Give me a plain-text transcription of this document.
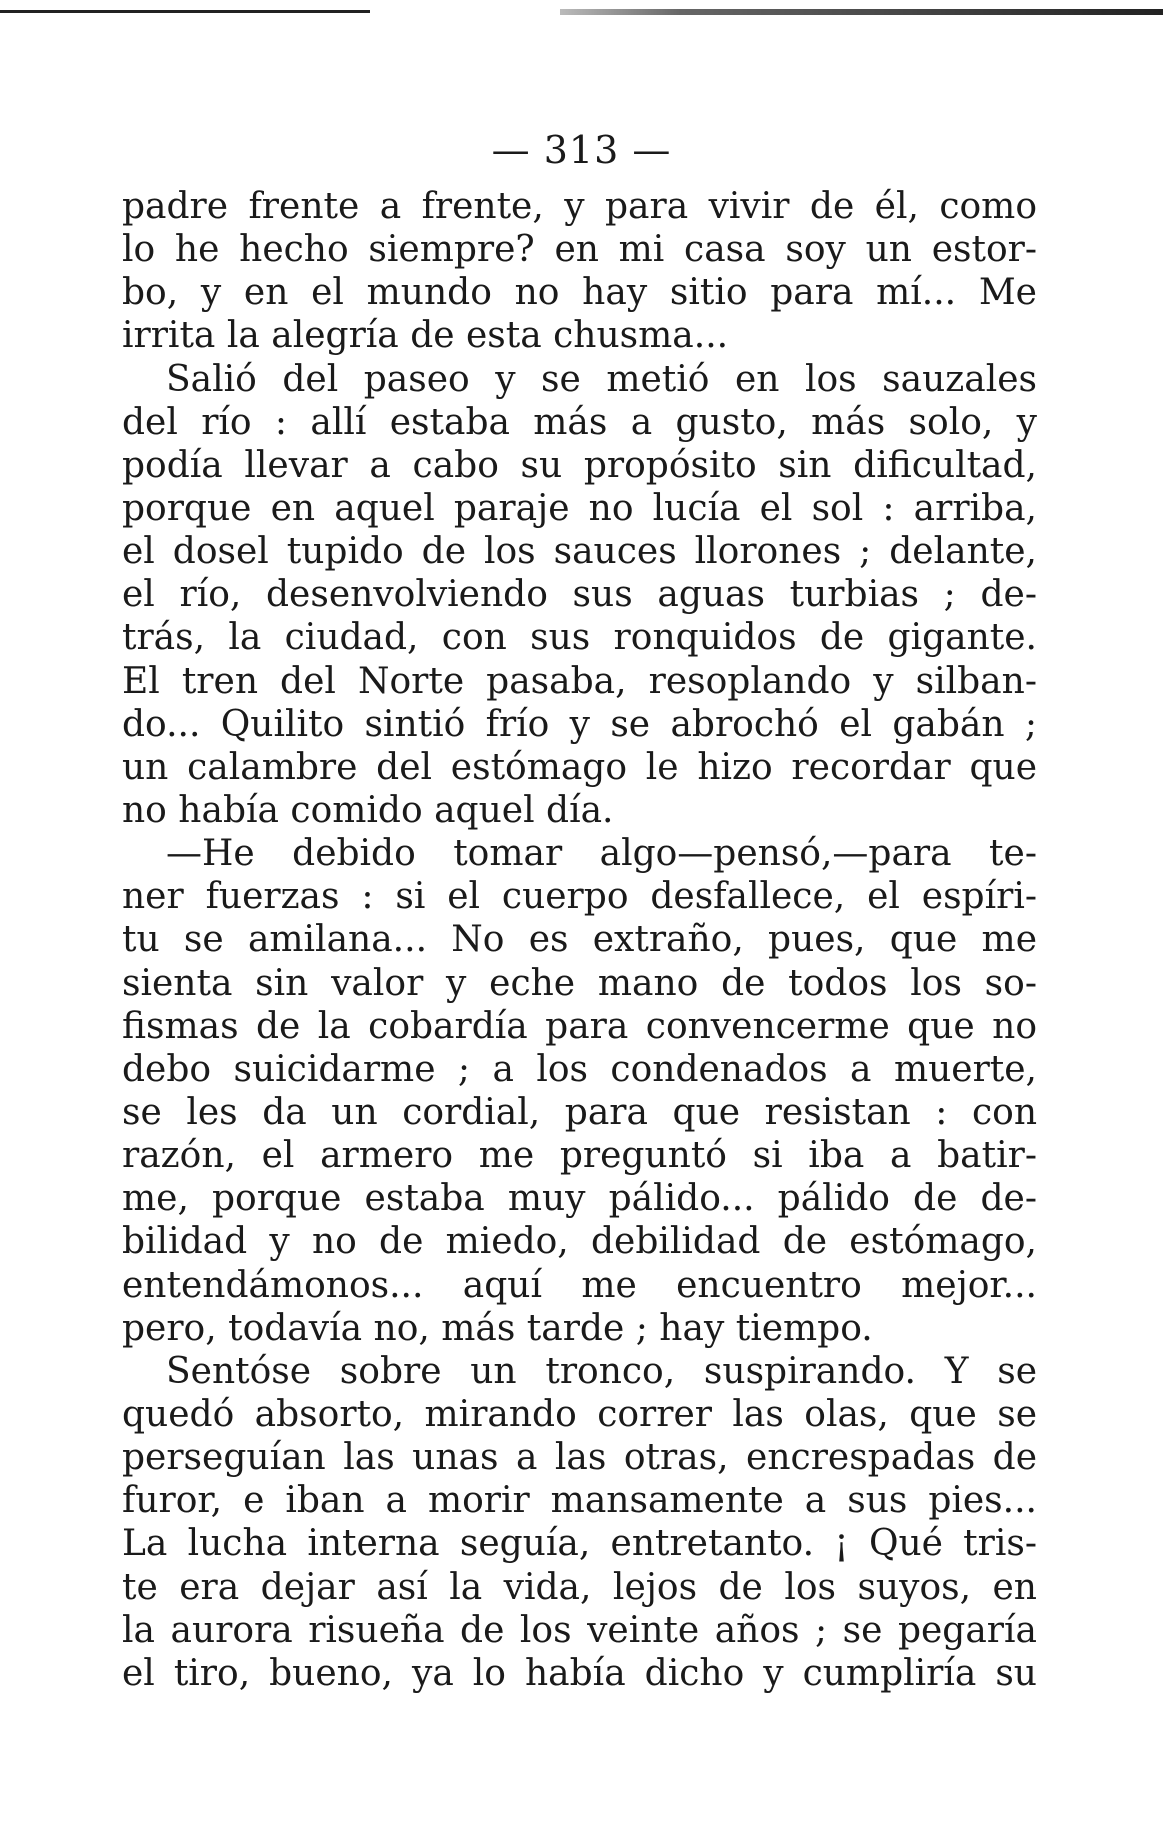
— 313 —
padre frente a frente, y para vivir de él, como
lo he hecho siempre? en mi casa soy un estor-
bo, y en el mundo no hay sitio para mí... Me
irrita la alegría de esta chusma...
Salió del paseo y se metió en los sauzales
del río : allí estaba más a gusto, más solo, y
podía llevar a cabo su propósito sin dificultad,
porque en aquel paraje no lucía el sol : arriba,
el dosel tupido de los sauces llorones ; delante,
el río, desenvolviendo sus aguas turbias ; de-
trás, la ciudad, con sus ronquidos de gigante.
El tren del Norte pasaba, resoplando y silban-
do... Quilito sintió frío y se abrochó el gabán ;
un calambre del estómago le hizo recordar que
no había comido aquel día.
—He debido tomar algo—pensó,—para te-
ner fuerzas : si el cuerpo desfallece, el espíri-
tu se amilana... No es extraño, pues, que me
sienta sin valor y eche mano de todos los so-
fismas de la cobardía para convencerme que no
debo suicidarme ; a los condenados a muerte,
se les da un cordial, para que resistan : con
razón, el armero me preguntó si iba a batir-
me, porque estaba muy pálido... pálido de de-
bilidad y no de miedo, debilidad de estómago,
entendámonos... aquí me encuentro mejor...
pero, todavía no, más tarde ; hay tiempo.
Sentóse sobre un tronco, suspirando. Y se
quedó absorto, mirando correr las olas, que se
perseguían las unas a las otras, encrespadas de
furor, e iban a morir mansamente a sus pies...
La lucha interna seguía, entretanto. ¡ Qué tris-
te era dejar así la vida, lejos de los suyos, en
la aurora risueña de los veinte años ; se pegaría
el tiro, bueno, ya lo había dicho y cumpliría su
